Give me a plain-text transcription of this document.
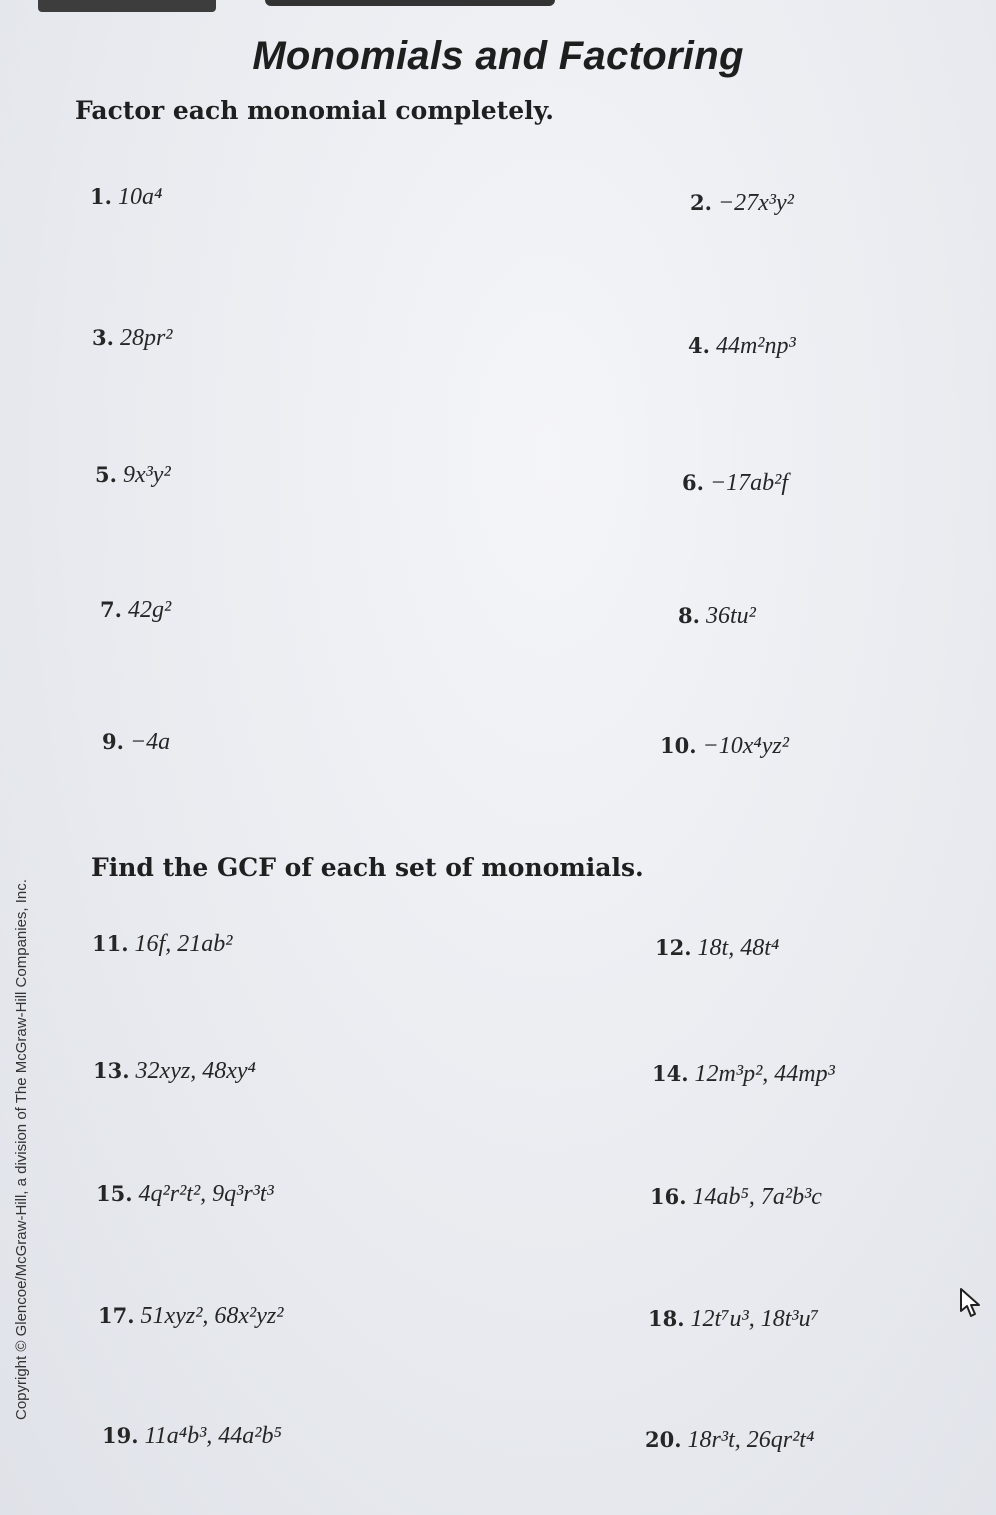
Monomials and Factoring
Factor each monomial completely.
1. 10a⁴	2. −27x³y²
3. 28pr²	4. 44m²np³
5. 9x³y²	6. −17ab²f
7. 42g²	8. 36tu²
9. −4a	10. −10x⁴yz²
Find the GCF of each set of monomials.
11. 16f, 21ab²	12. 18t, 48t⁴
13. 32xyz, 48xy⁴	14. 12m³p², 44mp³
15. 4q²r²t², 9q³r³t³	16. 14ab⁵, 7a²b³c
17. 51xyz², 68x²yz²	18. 12t⁷u³, 18t³u⁷
19. 11a⁴b³, 44a²b⁵	20. 18r³t, 26qr²t⁴
Copyright © Glencoe/McGraw-Hill, a division of The McGraw-Hill Companies, Inc.
